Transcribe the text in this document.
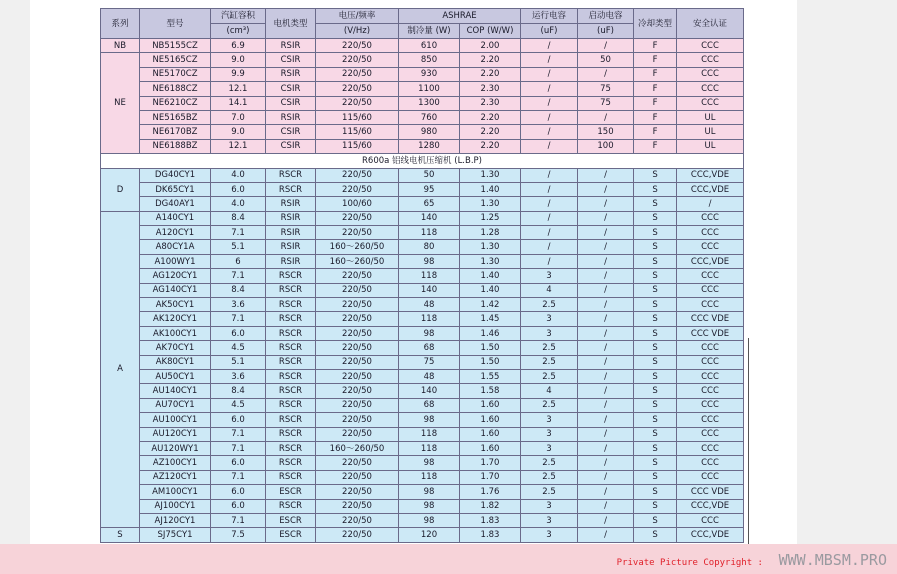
系列	型号	汽缸容积	电机类型	电压/频率	ASHRAE		运行电容	启动电容	冷却类型	安全认证
		(cm³)		(V/Hz)	制冷量 (W)	COP (W/W)	(uF)	(uF)		
NB	NB5155CZ	6.9	RSIR	220/50	610	2.00	/	/	F	CCC
NE	NE5165CZ	9.0	CSIR	220/50	850	2.20	/	50	F	CCC
	NE5170CZ	9.9	RSIR	220/50	930	2.20	/	/	F	CCC
	NE6188CZ	12.1	CSIR	220/50	1100	2.30	/	75	F	CCC
	NE6210CZ	14.1	CSIR	220/50	1300	2.30	/	75	F	CCC
	NE5165BZ	7.0	RSIR	115/60	760	2.20	/	/	F	UL
	NE6170BZ	9.0	CSIR	115/60	980	2.20	/	150	F	UL
	NE6188BZ	12.1	CSIR	115/60	1280	2.20	/	100	F	UL
R600a 铝线电机压缩机 (L.B.P)										
D	DG40CY1	4.0	RSCR	220/50	50	1.30	/	/	S	CCC,VDE
	DK65CY1	6.0	RSCR	220/50	95	1.40	/	/	S	CCC,VDE
	DG40AY1	4.0	RSIR	100/60	65	1.30	/	/	S	/
A	A140CY1	8.4	RSIR	220/50	140	1.25	/	/	S	CCC
	A120CY1	7.1	RSIR	220/50	118	1.28	/	/	S	CCC
	A80CY1A	5.1	RSIR	160～260/50	80	1.30	/	/	S	CCC
	A100WY1	6	RSIR	160～260/50	98	1.30	/	/	S	CCC,VDE
	AG120CY1	7.1	RSCR	220/50	118	1.40	3	/	S	CCC
	AG140CY1	8.4	RSCR	220/50	140	1.40	4	/	S	CCC
	AK50CY1	3.6	RSCR	220/50	48	1.42	2.5	/	S	CCC
	AK120CY1	7.1	RSCR	220/50	118	1.45	3	/	S	CCC VDE
	AK100CY1	6.0	RSCR	220/50	98	1.46	3	/	S	CCC VDE
	AK70CY1	4.5	RSCR	220/50	68	1.50	2.5	/	S	CCC
	AK80CY1	5.1	RSCR	220/50	75	1.50	2.5	/	S	CCC
	AU50CY1	3.6	RSCR	220/50	48	1.55	2.5	/	S	CCC
	AU140CY1	8.4	RSCR	220/50	140	1.58	4	/	S	CCC
	AU70CY1	4.5	RSCR	220/50	68	1.60	2.5	/	S	CCC
	AU100CY1	6.0	RSCR	220/50	98	1.60	3	/	S	CCC
	AU120CY1	7.1	RSCR	220/50	118	1.60	3	/	S	CCC
	AU120WY1	7.1	RSCR	160～260/50	118	1.60	3	/	S	CCC
	AZ100CY1	6.0	RSCR	220/50	98	1.70	2.5	/	S	CCC
	AZ120CY1	7.1	RSCR	220/50	118	1.70	2.5	/	S	CCC
	AM100CY1	6.0	ESCR	220/50	98	1.76	2.5	/	S	CCC VDE
	AJ100CY1	6.0	RSCR	220/50	98	1.82	3	/	S	CCC,VDE
	AJ120CY1	7.1	ESCR	220/50	98	1.83	3	/	S	CCC
S	SJ75CY1	7.5	ESCR	220/50	120	1.83	3	/	S	CCC,VDE
Private Picture Copyright : WWW.MBSM.PRO
